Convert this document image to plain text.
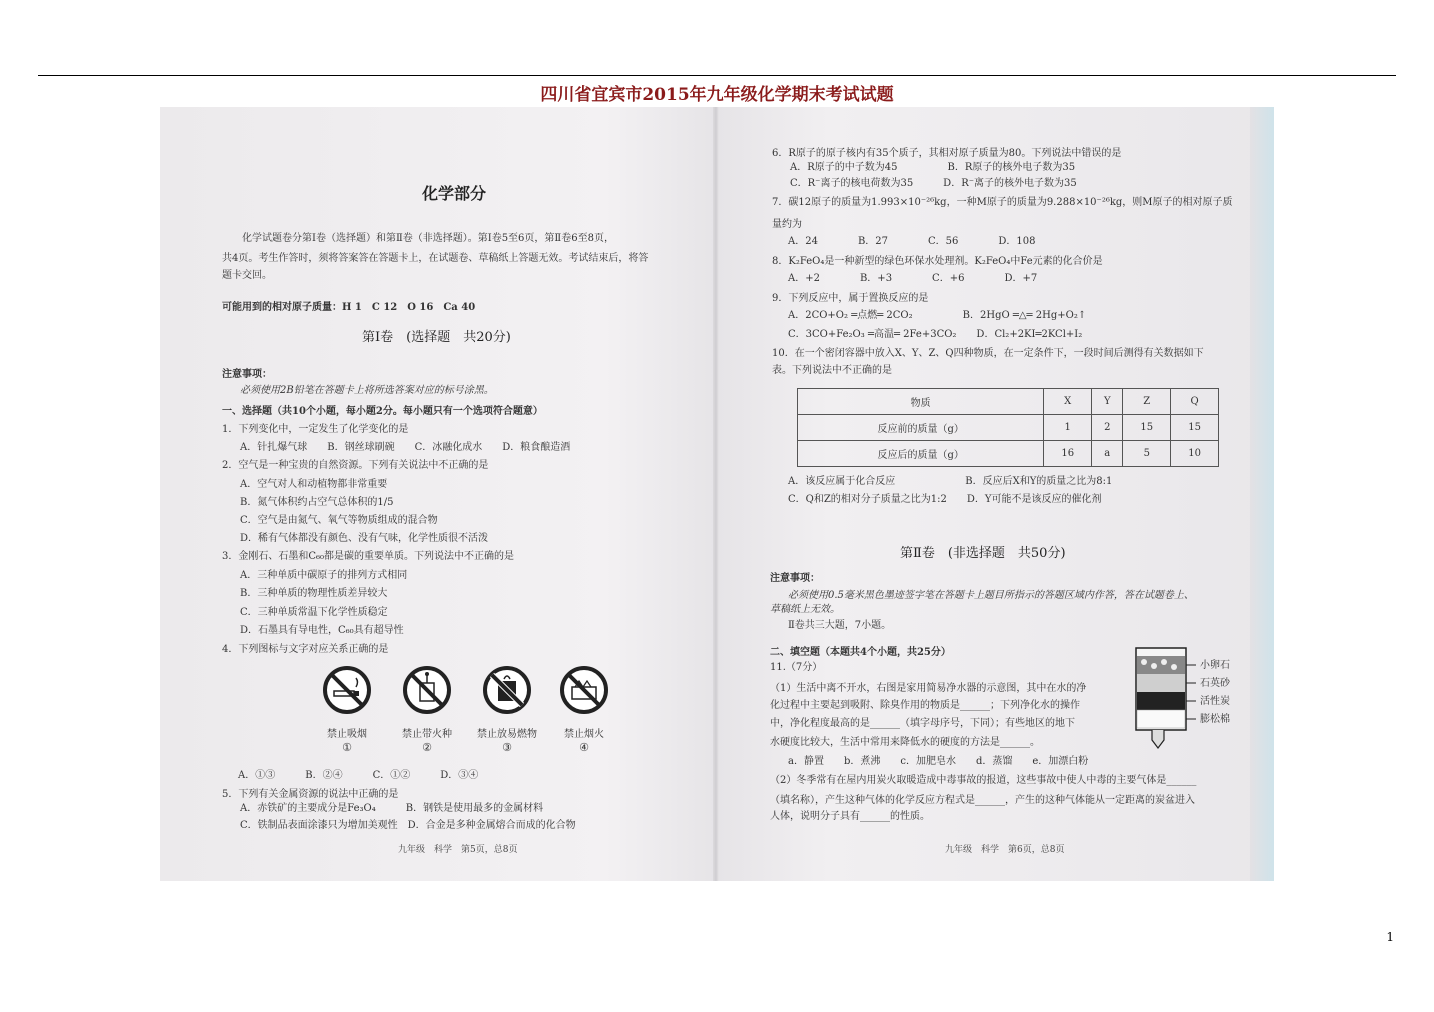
四川省宜宾市2015年九年级化学期末考试试题
化学部分
化学试题卷分第Ⅰ卷（选择题）和第Ⅱ卷（非选择题）。第Ⅰ卷5至6页，第Ⅱ卷6至8页，
共4页。考生作答时，须将答案答在答题卡上，在试题卷、草稿纸上答题无效。考试结束后，将答
题卡交回。
可能用到的相对原子质量：H 1　C 12　O 16　Ca 40
第Ⅰ卷　(选择题　共20分)
注意事项：
必须使用2B铅笔在答题卡上将所选答案对应的标号涂黑。
一、选择题（共10个小题，每小题2分。每小题只有一个选项符合题意）
1．下列变化中，一定发生了化学变化的是
A．针扎爆气球　　B．钢丝球刷碗　　C．冰融化成水　　D．粮食酿造酒
2．空气是一种宝贵的自然资源。下列有关说法中不正确的是
A．空气对人和动植物都非常重要
B．氮气体积约占空气总体积的1/5
C．空气是由氮气、氧气等物质组成的混合物
D．稀有气体都没有颜色、没有气味，化学性质很不活泼
3．金刚石、石墨和C₆₀都是碳的重要单质。下列说法中不正确的是
A．三种单质中碳原子的排列方式相同
B．三种单质的物理性质差异较大
C．三种单质常温下化学性质稳定
D．石墨具有导电性，C₆₀具有超导性
4．下列图标与文字对应关系正确的是
禁止吸烟
①
禁止带火种
②
禁止放易燃物
③
禁止烟火
④
A．①③　　　B．②④　　　C．①②　　　D．③④
5．下列有关金属资源的说法中正确的是
A．赤铁矿的主要成分是Fe₃O₄　　　B．钢铁是使用最多的金属材料
C．铁制品表面涂漆只为增加美观性　D．合金是多种金属熔合而成的化合物
九年级　科学　第5页，总8页
6．R原子的原子核内有35个质子，其相对原子质量为80。下列说法中错误的是
A．R原子的中子数为45　　　　　B．R原子的核外电子数为35
C．R⁻离子的核电荷数为35　　　D．R⁻离子的核外电子数为35
7．碳12原子的质量为1.993×10⁻²⁶kg，一种M原子的质量为9.288×10⁻²⁶kg，则M原子的相对原子质
量约为
A．24　　　　B．27　　　　C．56　　　　D．108
8．K₂FeO₄是一种新型的绿色环保水处理剂。K₂FeO₄中Fe元素的化合价是
A．+2　　　　B．+3　　　　C．+6　　　　D．+7
9．下列反应中，属于置换反应的是
A．2CO+O₂ ═点燃═ 2CO₂　　　　　B．2HgO ═△═ 2Hg+O₂↑
C．3CO+Fe₂O₃ ═高温═ 2Fe+3CO₂　　D．Cl₂+2KI═2KCl+I₂
10．在一个密闭容器中放入X、Y、Z、Q四种物质，在一定条件下，一段时间后测得有关数据如下
表。下列说法中不正确的是
物质	X	Y	Z	Q
反应前的质量（g）	1	2	15	15
反应后的质量（g）	16	a	5	10
A．该反应属于化合反应　　　　　　　B．反应后X和Y的质量之比为8:1
C．Q和Z的相对分子质量之比为1:2　　D．Y可能不是该反应的催化剂
第Ⅱ卷　(非选择题　共50分)
注意事项：
必须使用0.5毫米黑色墨迹签字笔在答题卡上题目所指示的答题区域内作答，答在试题卷上、
草稿纸上无效。
Ⅱ卷共三大题，7小题。
二、填空题（本题共4个小题，共25分）
11.（7分）
（1）生活中离不开水，右图是家用简易净水器的示意图，其中在水的净
化过程中主要起到吸附、除臭作用的物质是______；下列净化水的操作
中，净化程度最高的是______（填字母序号，下同）；有些地区的地下
水硬度比较大，生活中常用来降低水的硬度的方法是______。
a．静置　　b．煮沸　　c．加肥皂水　　d．蒸馏　　e．加漂白粉
（2）冬季常有在屋内用炭火取暖造成中毒事故的报道，这些事故中使人中毒的主要气体是______
（填名称），产生这种气体的化学反应方程式是______，产生的这种气体能从一定距离的炭盆进入
人体，说明分子具有______的性质。
小卵石
石英砂
活性炭
膨松棉
九年级　科学　第6页，总8页
1
